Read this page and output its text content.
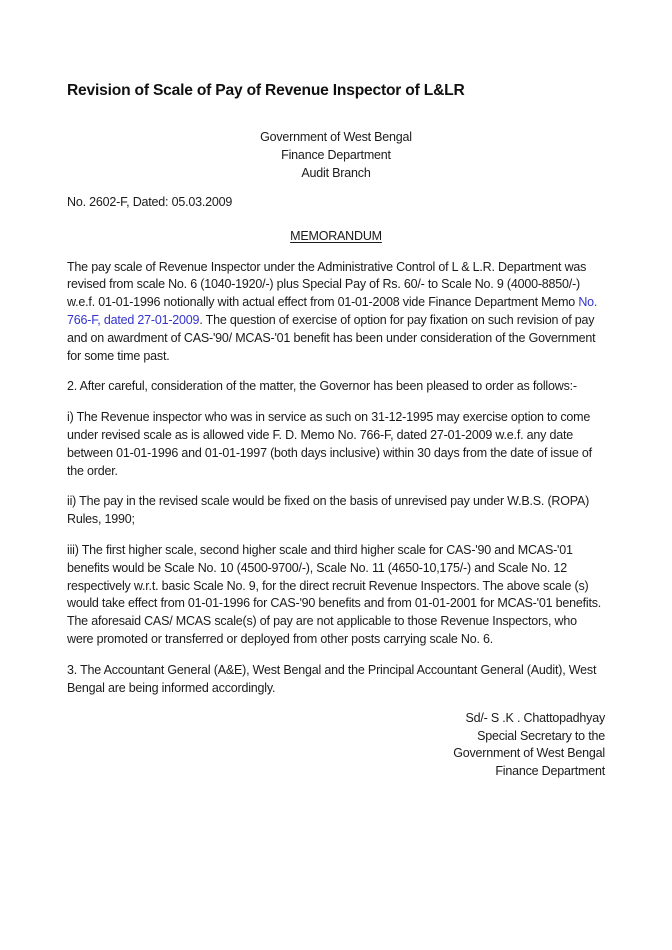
Revision of Scale of Pay of Revenue Inspector of L&LR
Government of West Bengal
Finance Department
Audit Branch
No. 2602-F, Dated: 05.03.2009
MEMORANDUM

The pay scale of Revenue Inspector under the Administrative Control of L & L.R. Department was revised from scale No. 6 (1040-1920/-) plus Special Pay of Rs. 60/- to Scale No. 9 (4000-8850/-) w.e.f. 01-01-1996 notionally with actual effect from 01-01-2008 vide Finance Department Memo No. 766-F, dated 27-01-2009. The question of exercise of option for pay fixation on such revision of pay and on awardment of CAS-'90/ MCAS-'01 benefit has been under consideration of the Government for some time past.

2. After careful, consideration of the matter, the Governor has been pleased to order as follows:-

i) The Revenue inspector who was in service as such on 31-12-1995 may exercise option to come under revised scale as is allowed vide F. D. Memo No. 766-F, dated 27-01-2009 w.e.f. any date between 01-01-1996 and 01-01-1997 (both days inclusive) within 30 days from the date of issue of the order.

ii) The pay in the revised scale would be fixed on the basis of unrevised pay under W.B.S. (ROPA) Rules, 1990;

iii) The first higher scale, second higher scale and third higher scale for CAS-'90 and MCAS-'01 benefits would be Scale No. 10 (4500-9700/-), Scale No. 11 (4650-10,175/-) and Scale No. 12 respectively w.r.t. basic Scale No. 9, for the direct recruit Revenue Inspectors. The above scale (s) would take effect from 01-01-1996 for CAS-'90 benefits and from 01-01-2001 for MCAS-'01 benefits. The aforesaid CAS/ MCAS scale(s) of pay are not applicable to those Revenue Inspectors, who were promoted or transferred or deployed from other posts carrying scale No. 6.

3. The Accountant General (A&E), West Bengal and the Principal Accountant General (Audit), West Bengal are being informed accordingly.

Sd/- S .K . Chattopadhyay
Special Secretary to the
Government of West Bengal
Finance Department
